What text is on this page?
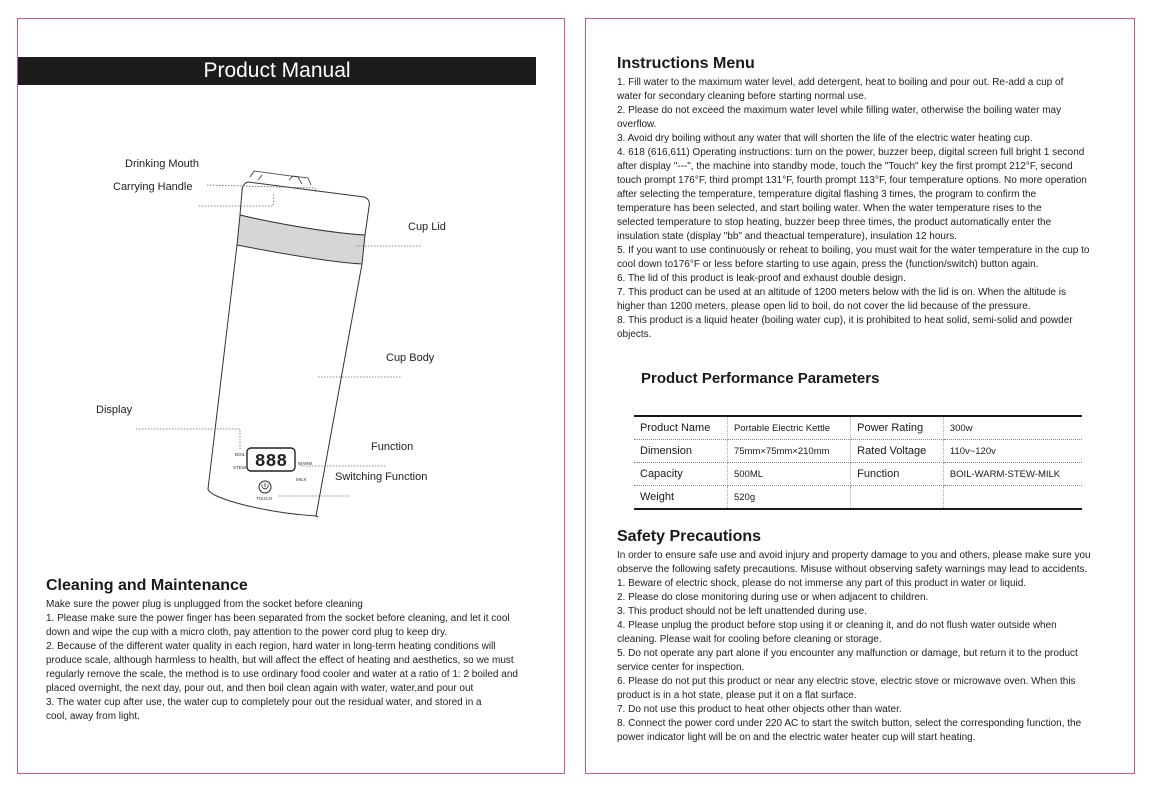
Product Manual
888
BOIL
STEW
WARM
MILK
TOUCH
Drinking Mouth
Carrying Handle
Cup Lid
Cup Body
Display
Function
Switching Function
Cleaning and Maintenance

Make sure the power plug is unplugged from the socket before cleaning

1. Please make sure the power finger has been separated from the socket before cleaning, and let it cool

down and wipe the cup with a micro cloth, pay attention to the power cord plug to keep dry.

2. Because of the different water quality in each region, hard water in long-term heating conditions will

produce scale, although harmless to health, but will affect the effect of heating and aesthetics, so we must

regularly remove the scale, the method is to use ordinary food cooler and water at a ratio of 1: 2 boiled and

placed overnight, the next day, pour out, and then boil clean again with water, water,and pour out

3. The water cup after use, the water cup to completely pour out the residual water, and stored in a

cool, away from light.

Instructions Menu

1. Fill water to the maximum water level, add detergent, heat to boiling and pour out. Re-add a cup of

water for secondary cleaning before starting normal use.

2. Please do not exceed the maximum water level while filling water, otherwise the boiling water may

overflow.

3. Avoid dry boiling without any water that will shorten the life of the electric water heating cup.

4. 618 (616,611) Operating instructions: turn on the power, buzzer beep, digital screen full bright 1 second

after display "---", the machine into standby mode, touch the "Touch" key the first prompt 212°F, second

touch prompt 176°F, third prompt 131°F, fourth prompt 113°F, four temperature options. No more operation

after selecting the temperature, temperature digital flashing 3 times, the program to confirm the

temperature has been selected, and start boiling water. When the water temperature rises to the

selected temperature to stop heating, buzzer beep three times, the product automatically enter the

insulation state (display "bb" and theactual temperature), insulation 12 hours.

5. If you want to use continuously or reheat to boiling, you must wait for the water temperature in the cup to

cool down to176°F or less before starting to use again, press the (function/switch) button again.

6. The lid of this product is leak-proof and exhaust double design.

7. This product can be used at an altitude of 1200 meters below with the lid is on. When the altitude is

higher than 1200 meters, please open lid to boil, do not cover the lid because of the pressure.

8. This product is a liquid heater (boiling water cup), it is prohibited to heat solid, semi-solid and powder

objects.

Product Performance Parameters
Product Name	Portable Electric Kettle	Power Rating	300w
Dimension	75mm×75mm×210mm	Rated Voltage	110v~120v
Capacity	500ML	Function	BOIL-WARM-STEW-MILK
Weight	520g		
Safety Precautions

In order to ensure safe use and avoid injury and property damage to you and others, please make sure you

observe the following safety precautions. Misuse without observing safety warnings may lead to accidents.

1. Beware of electric shock, please do not immerse any part of this product in water or liquid.

2. Please do close monitoring during use or when adjacent to children.

3. This product should not be left unattended during use.

4. Please unplug the product before stop using it or cleaning it, and do not flush water outside when

cleaning. Please wait for cooling before cleaning or storage.

5. Do not operate any part alone if you encounter any malfunction or damage, but return it to the product

service center for inspection.

6. Please do not put this product or near any electric stove, electric stove or microwave oven. When this

product is in a hot state, please put it on a flat surface.

7. Do not use this product to heat other objects other than water.

8. Connect the power cord under 220 AC to start the switch button, select the corresponding function, the

power indicator light will be on and the electric water heater cup will start heating.
